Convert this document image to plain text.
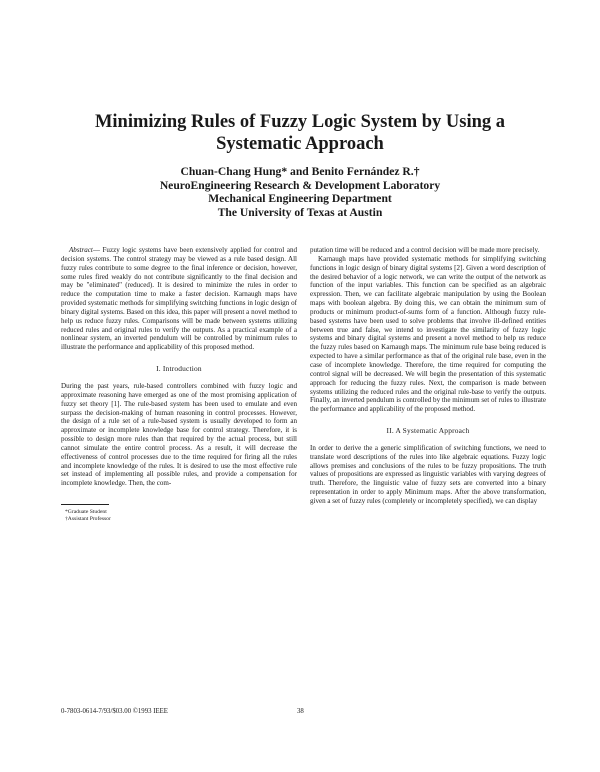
Minimizing Rules of Fuzzy Logic System by Using a
Systematic Approach
Chuan-Chang Hung* and Benito Fernández R.†
NeuroEngineering Research & Development Laboratory
Mechanical Engineering Department
The University of Texas at Austin

Abstract— Fuzzy logic systems have been extensively applied for control and decision systems. The control strategy may be viewed as a rule based design. All fuzzy rules contribute to some degree to the final inference or decision, however, some rules fired weakly do not contribute significantly to the final decision and may be "eliminated" (reduced). It is desired to minimize the rules in order to reduce the computation time to make a faster decision. Karnaugh maps have provided systematic methods for simplifying switching functions in logic design of binary digital systems. Based on this idea, this paper will present a novel method to help us reduce fuzzy rules. Comparisons will be made between systems utilizing reduced rules and original rules to verify the outputs. As a practical example of a nonlinear system, an inverted pendulum will be controlled by minimum rules to illustrate the performance and applicability of this proposed method.

I. Introduction

During the past years, rule-based controllers combined with fuzzy logic and approximate reasoning have emerged as one of the most promising application of fuzzy set theory [1]. The rule-based system has been used to emulate and even surpass the decision-making of human reasoning in control processes. However, the design of a rule set of a rule-based system is usually developed to form an approximate or incomplete knowledge base for control strategy. Therefore, it is possible to design more rules than that required by the actual process, but still cannot simulate the entire control process. As a result, it will decrease the effectiveness of control processes due to the time required for firing all the rules and incomplete knowledge of the rules. It is desired to use the most effective rule set instead of implementing all possible rules, and provide a compensation for incomplete knowledge. Then, the com-

*Graduate Student
†Assistant Professor

putation time will be reduced and a control decision will be made more precisely.

Karnaugh maps have provided systematic methods for simplifying switching functions in logic design of binary digital systems [2]. Given a word description of the desired behavior of a logic network, we can write the output of the network as function of the input variables. This function can be specified as an algebraic expression. Then, we can facilitate algebraic manipulation by using the Boolean maps with boolean algebra. By doing this, we can obtain the minimum sum of products or minimum product-of-sums form of a function. Although fuzzy rule-based systems have been used to solve problems that involve ill-defined entities between true and false, we intend to investigate the similarity of fuzzy logic systems and binary digital systems and present a novel method to help us reduce the fuzzy rules based on Karnaugh maps. The minimum rule base being reduced is expected to have a similar performance as that of the original rule base, even in the case of incomplete knowledge. Therefore, the time required for computing the control signal will be decreased. We will begin the presentation of this systematic approach for reducing the fuzzy rules. Next, the comparison is made between systems utilizing the reduced rules and the original rule-base to verify the outputs. Finally, an inverted pendulum is controlled by the minimum set of rules to illustrate the performance and applicability of the proposed method.

II. A Systematic Approach

In order to derive the a generic simplification of switching functions, we need to translate word descriptions of the rules into like algebraic equations. Fuzzy logic allows premises and conclusions of the rules to be fuzzy propositions. The truth values of propositions are expressed as linguistic variables with varying degrees of truth. Therefore, the linguistic value of fuzzy sets are converted into a binary representation in order to apply Minimum maps. After the above transformation, given a set of fuzzy rules (completely or incompletely specified), we can display

0-7803-0614-7/93/$03.00 ©1993 IEEE	38
